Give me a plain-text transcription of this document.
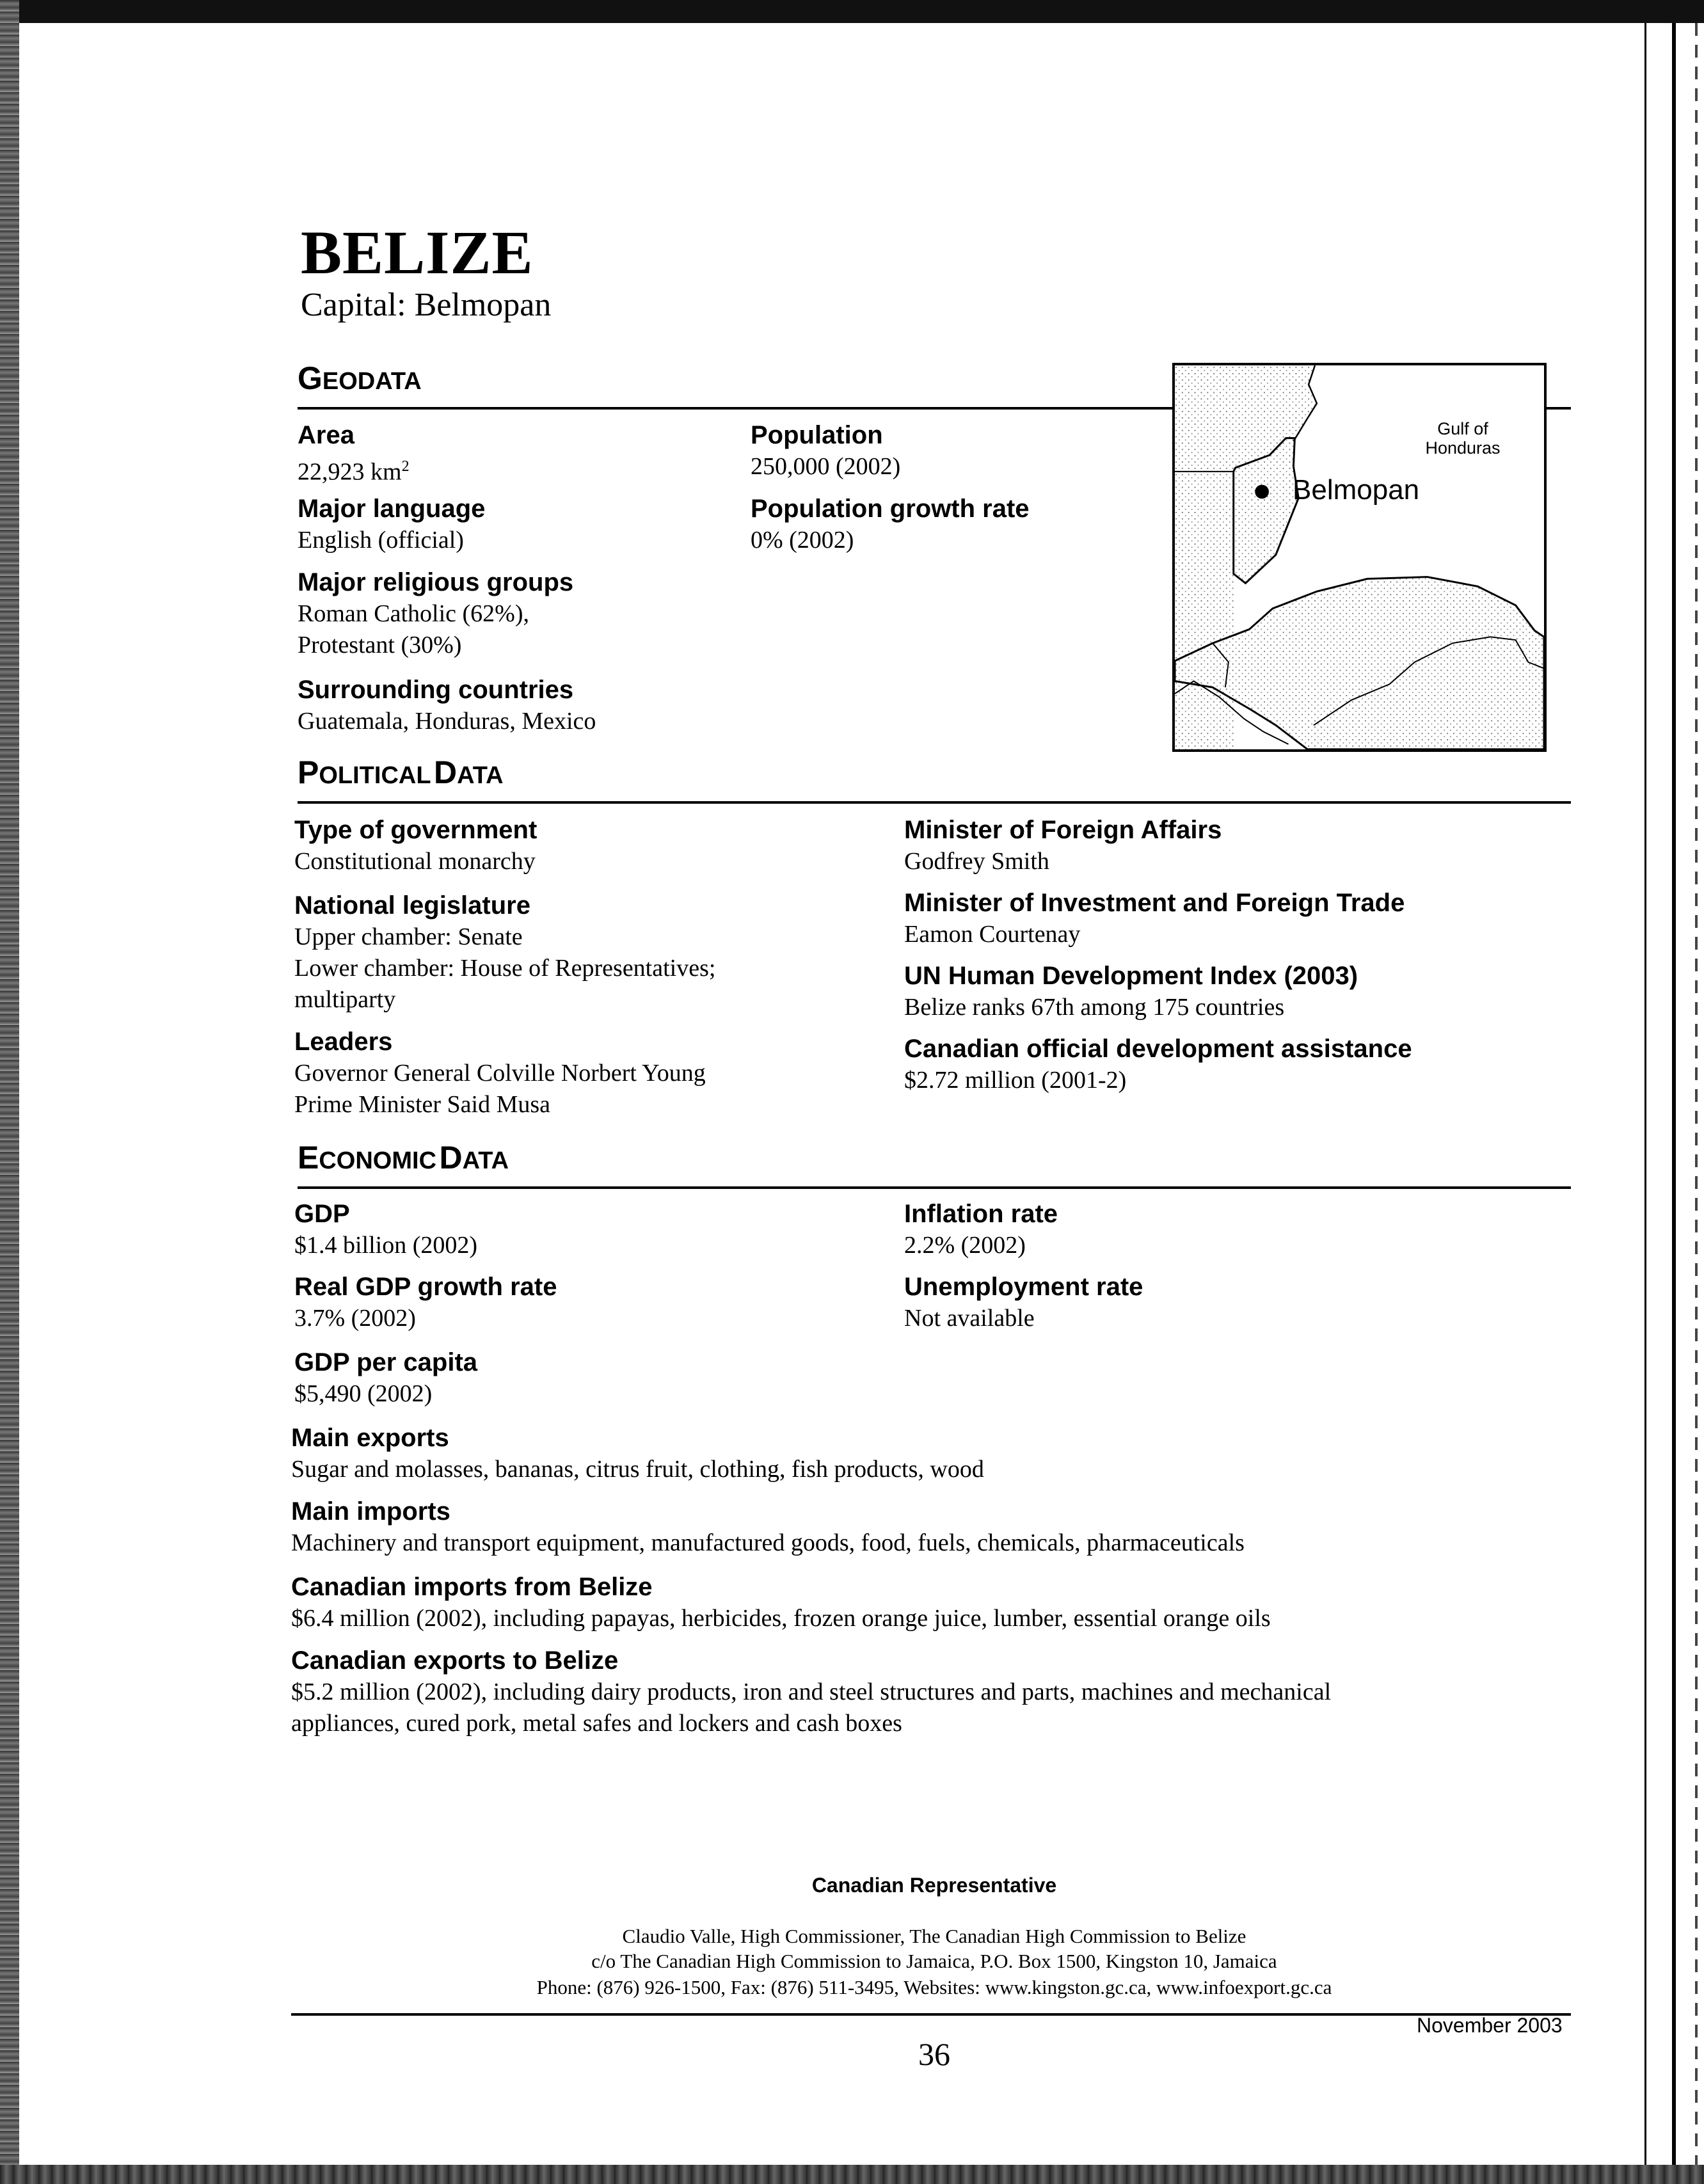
BELIZE
Capital: Belmopan
GEODATA
Area
22,923 $km^2$
Major language
English (official)
Major religious groups
Roman Catholic (62%),
Protestant (30%)
Surrounding countries
Guatemala, Honduras, Mexico
Population
250,000 (2002)
Population growth rate
0% (2002)
Gulf of
Honduras
Belmopan
POLITICAL DATA
Type of government
Constitutional monarchy
National legislature
Upper chamber: Senate
Lower chamber: House of Representatives;
multiparty
Leaders
Governor General Colville Norbert Young
Prime Minister Said Musa
Minister of Foreign Affairs
Godfrey Smith
Minister of Investment and Foreign Trade
Eamon Courtenay
UN Human Development Index (2003)
Belize ranks 67th among 175 countries
Canadian official development assistance
$2.72 million (2001-2)
ECONOMIC DATA
GDP
$1.4 billion (2002)
Real GDP growth rate
3.7% (2002)
GDP per capita
$5,490 (2002)
Inflation rate
2.2% (2002)
Unemployment rate
Not available
Main exports
Sugar and molasses, bananas, citrus fruit, clothing, fish products, wood
Main imports
Machinery and transport equipment, manufactured goods, food, fuels, chemicals, pharmaceuticals
Canadian imports from Belize
$6.4 million (2002), including papayas, herbicides, frozen orange juice, lumber, essential orange oils
Canadian exports to Belize
$5.2 million (2002), including dairy products, iron and steel structures and parts, machines and mechanical
appliances, cured pork, metal safes and lockers and cash boxes
Canadian Representative
Claudio Valle, High Commissioner, The Canadian High Commission to Belize
c/o The Canadian High Commission to Jamaica, P.O. Box 1500, Kingston 10, Jamaica
Phone: (876) 926-1500, Fax: (876) 511-3495, Websites: www.kingston.gc.ca, www.infoexport.gc.ca
November 2003
36
